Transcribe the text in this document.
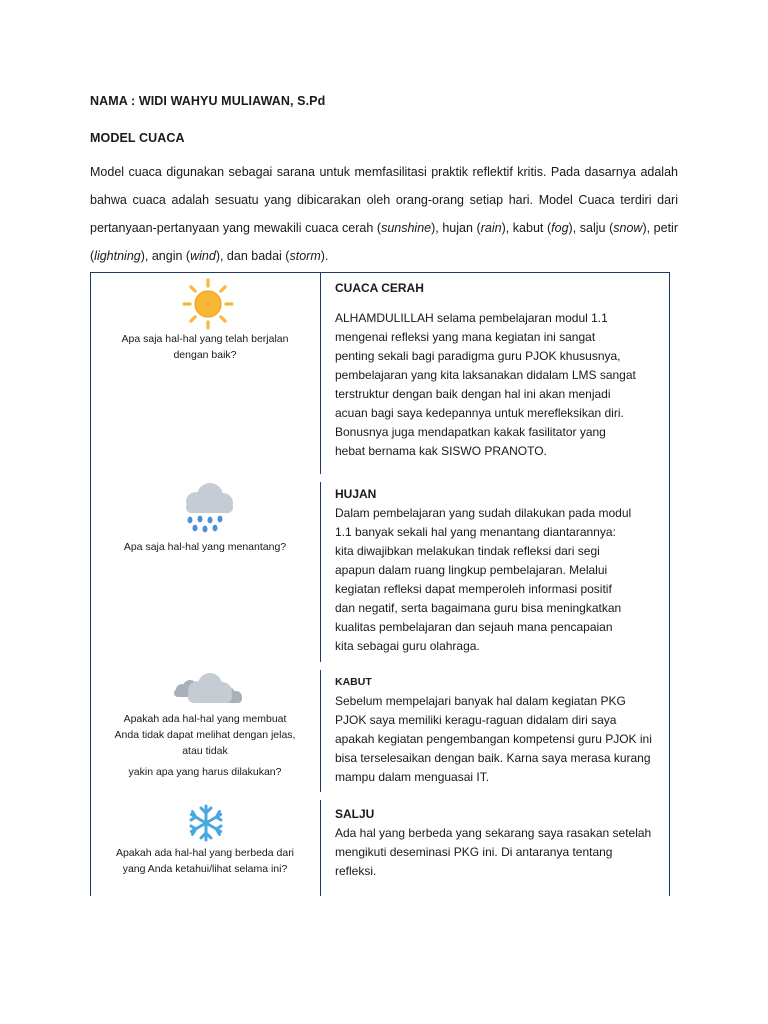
NAMA : WIDI WAHYU MULIAWAN, S.Pd
MODEL CUACA
Model cuaca digunakan sebagai sarana untuk memfasilitasi praktik reflektif kritis. Pada dasarnya adalah bahwa cuaca adalah sesuatu yang dibicarakan oleh orang-orang setiap hari. Model Cuaca terdiri dari pertanyaan-pertanyaan yang mewakili cuaca cerah (sunshine), hujan (rain), kabut (fog), salju (snow), petir (lightning), angin (wind), dan badai (storm).
Apa saja hal-hal yang telah berjalan
dengan baik?
CUACA CERAH
ALHAMDULILLAH selama pembelajaran modul 1.1
mengenai refleksi yang mana kegiatan ini sangat
penting sekali bagi paradigma guru PJOK khususnya,
pembelajaran yang kita laksanakan didalam LMS sangat
terstruktur dengan baik dengan hal ini akan menjadi
acuan bagi saya kedepannya untuk merefleksikan diri.
Bonusnya juga mendapatkan kakak fasilitator yang
hebat bernama kak SISWO PRANOTO.
Apa saja hal-hal yang menantang?
HUJAN
Dalam pembelajaran yang sudah dilakukan pada modul
1.1 banyak sekali hal yang menantang diantarannya:
kita diwajibkan melakukan tindak refleksi dari segi
apapun dalam ruang lingkup pembelajaran. Melalui
kegiatan refleksi dapat memperoleh informasi positif
dan negatif, serta bagaimana guru bisa meningkatkan
kualitas pembelajaran dan sejauh mana pencapaian
kita sebagai guru olahraga.
Apakah ada hal-hal yang membuat
Anda tidak dapat melihat dengan jelas,
atau tidak
yakin apa yang harus dilakukan?
KABUT
Sebelum mempelajari banyak hal dalam kegiatan PKG
PJOK saya memiliki keragu-raguan didalam diri saya
apakah kegiatan pengembangan kompetensi guru PJOK ini
bisa terselesaikan dengan baik. Karna saya merasa kurang
mampu dalam menguasai IT.
Apakah ada hal-hal yang berbeda dari
yang Anda ketahui/lihat selama ini?
SALJU
Ada hal yang berbeda yang sekarang saya rasakan setelah
mengikuti deseminasi PKG ini. Di antaranya tentang
refleksi.
